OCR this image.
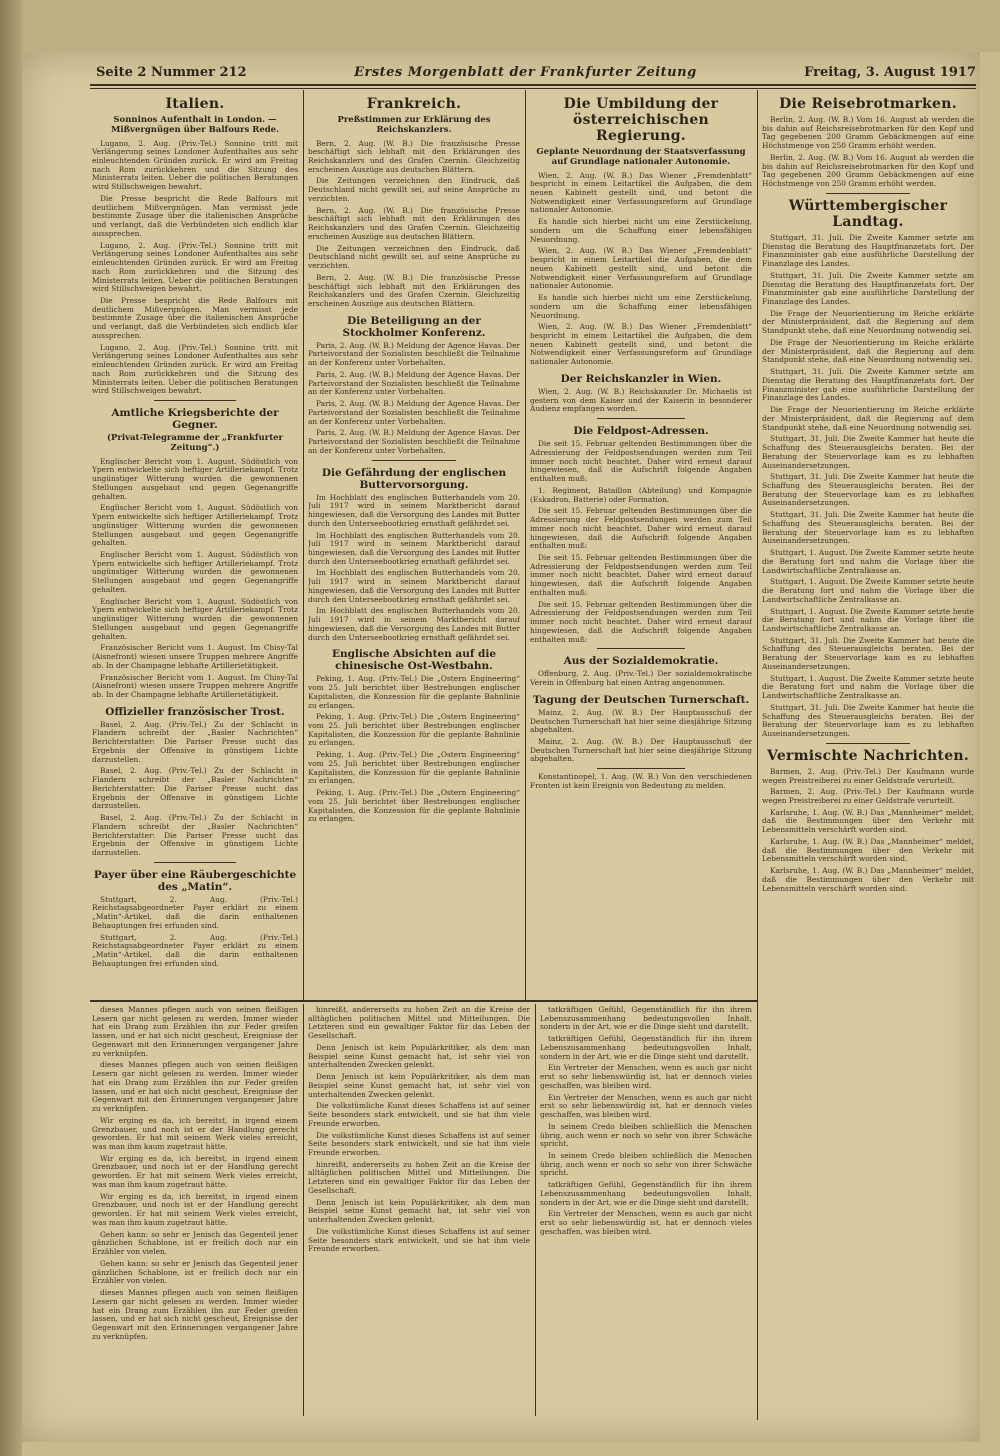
Seite 2 Nummer 212	Erstes Morgenblatt der Frankfurter Zeitung	Freitag, 3. August 1917
Italien.
Sonninos Aufenthalt in London. — Mißvergnügen über Balfours Rede.

Lugano, 2. Aug. (Priv.-Tel.) Sonnino tritt mit Verlängerung seines Londoner Aufenthaltes aus sehr einleuchtenden Gründen zurück. Er wird am Freitag nach Rom zurückkehren und die Sitzung des Ministerrats leiten. Ueber die politischen Beratungen wird Stillschweigen bewahrt.

Die Presse bespricht die Rede Balfours mit deutlichem Mißvergnügen. Man vermisst jede bestimmte Zusage über die italienischen Ansprüche und verlangt, daß die Verbündeten sich endlich klar aussprechen.

Lugano, 2. Aug. (Priv.-Tel.) Sonnino tritt mit Verlängerung seines Londoner Aufenthaltes aus sehr einleuchtenden Gründen zurück. Er wird am Freitag nach Rom zurückkehren und die Sitzung des Ministerrats leiten. Ueber die politischen Beratungen wird Stillschweigen bewahrt.

Die Presse bespricht die Rede Balfours mit deutlichem Mißvergnügen. Man vermisst jede bestimmte Zusage über die italienischen Ansprüche und verlangt, daß die Verbündeten sich endlich klar aussprechen.

Lugano, 2. Aug. (Priv.-Tel.) Sonnino tritt mit Verlängerung seines Londoner Aufenthaltes aus sehr einleuchtenden Gründen zurück. Er wird am Freitag nach Rom zurückkehren und die Sitzung des Ministerrats leiten. Ueber die politischen Beratungen wird Stillschweigen bewahrt.

Amtliche Kriegsberichte der Gegner.
(Privat-Telegramme der „Frankfurter Zeitung“.)

Englischer Bericht vom 1. August. Südöstlich von Ypern entwickelte sich heftiger Artilleriekampf. Trotz ungünstiger Witterung wurden die gewonnenen Stellungen ausgebaut und gegen Gegenangriffe gehalten.

Englischer Bericht vom 1. August. Südöstlich von Ypern entwickelte sich heftiger Artilleriekampf. Trotz ungünstiger Witterung wurden die gewonnenen Stellungen ausgebaut und gegen Gegenangriffe gehalten.

Englischer Bericht vom 1. August. Südöstlich von Ypern entwickelte sich heftiger Artilleriekampf. Trotz ungünstiger Witterung wurden die gewonnenen Stellungen ausgebaut und gegen Gegenangriffe gehalten.

Englischer Bericht vom 1. August. Südöstlich von Ypern entwickelte sich heftiger Artilleriekampf. Trotz ungünstiger Witterung wurden die gewonnenen Stellungen ausgebaut und gegen Gegenangriffe gehalten.

Französischer Bericht vom 1. August. Im Chisy-Tal (Aisnefront) wiesen unsere Truppen mehrere Angriffe ab. In der Champagne lebhafte Artillerietätigkeit.

Französischer Bericht vom 1. August. Im Chisy-Tal (Aisnefront) wiesen unsere Truppen mehrere Angriffe ab. In der Champagne lebhafte Artillerietätigkeit.

Offizieller französischer Trost.

Basel, 2. Aug. (Priv.-Tel.) Zu der Schlacht in Flandern schreibt der „Basler Nachrichten“ Berichterstatter: Die Pariser Presse sucht das Ergebnis der Offensive in günstigem Lichte darzustellen.

Basel, 2. Aug. (Priv.-Tel.) Zu der Schlacht in Flandern schreibt der „Basler Nachrichten“ Berichterstatter: Die Pariser Presse sucht das Ergebnis der Offensive in günstigem Lichte darzustellen.

Basel, 2. Aug. (Priv.-Tel.) Zu der Schlacht in Flandern schreibt der „Basler Nachrichten“ Berichterstatter: Die Pariser Presse sucht das Ergebnis der Offensive in günstigem Lichte darzustellen.

Payer über eine Räubergeschichte des „Matin“.

Stuttgart, 2. Aug. (Priv.-Tel.) Reichstagsabgeordneter Payer erklärt zu einem „Matin“-Artikel, daß die darin enthaltenen Behauptungen frei erfunden sind.

Stuttgart, 2. Aug. (Priv.-Tel.) Reichstagsabgeordneter Payer erklärt zu einem „Matin“-Artikel, daß die darin enthaltenen Behauptungen frei erfunden sind.

Frankreich.
Preßstimmen zur Erklärung des Reichskanzlers.

Bern, 2. Aug. (W. B.) Die französische Presse beschäftigt sich lebhaft mit den Erklärungen des Reichskanzlers und des Grafen Czernin. Gleichzeitig erscheinen Auszüge aus deutschen Blättern.

Die Zeitungen verzeichnen den Eindruck, daß Deutschland nicht gewillt sei, auf seine Ansprüche zu verzichten.

Bern, 2. Aug. (W. B.) Die französische Presse beschäftigt sich lebhaft mit den Erklärungen des Reichskanzlers und des Grafen Czernin. Gleichzeitig erscheinen Auszüge aus deutschen Blättern.

Die Zeitungen verzeichnen den Eindruck, daß Deutschland nicht gewillt sei, auf seine Ansprüche zu verzichten.

Bern, 2. Aug. (W. B.) Die französische Presse beschäftigt sich lebhaft mit den Erklärungen des Reichskanzlers und des Grafen Czernin. Gleichzeitig erscheinen Auszüge aus deutschen Blättern.

Die Beteiligung an der Stockholmer Konferenz.

Paris, 2. Aug. (W. B.) Meldung der Agence Havas. Der Parteivorstand der Sozialisten beschließt die Teilnahme an der Konferenz unter Vorbehalten.

Paris, 2. Aug. (W. B.) Meldung der Agence Havas. Der Parteivorstand der Sozialisten beschließt die Teilnahme an der Konferenz unter Vorbehalten.

Paris, 2. Aug. (W. B.) Meldung der Agence Havas. Der Parteivorstand der Sozialisten beschließt die Teilnahme an der Konferenz unter Vorbehalten.

Paris, 2. Aug. (W. B.) Meldung der Agence Havas. Der Parteivorstand der Sozialisten beschließt die Teilnahme an der Konferenz unter Vorbehalten.

Die Gefährdung der englischen Buttervorsorgung.

Im Hochblatt des englischen Butterhandels vom 20. Juli 1917 wird in seinem Marktbericht darauf hingewiesen, daß die Versorgung des Landes mit Butter durch den Unterseebootkrieg ernsthaft gefährdet sei.

Im Hochblatt des englischen Butterhandels vom 20. Juli 1917 wird in seinem Marktbericht darauf hingewiesen, daß die Versorgung des Landes mit Butter durch den Unterseebootkrieg ernsthaft gefährdet sei.

Im Hochblatt des englischen Butterhandels vom 20. Juli 1917 wird in seinem Marktbericht darauf hingewiesen, daß die Versorgung des Landes mit Butter durch den Unterseebootkrieg ernsthaft gefährdet sei.

Im Hochblatt des englischen Butterhandels vom 20. Juli 1917 wird in seinem Marktbericht darauf hingewiesen, daß die Versorgung des Landes mit Butter durch den Unterseebootkrieg ernsthaft gefährdet sei.

Englische Absichten auf die chinesische Ost-Westbahn.

Peking, 1. Aug. (Priv.-Tel.) Die „Ostern Engineering“ vom 25. Juli berichtet über Bestrebungen englischer Kapitalisten, die Konzession für die geplante Bahnlinie zu erlangen.

Peking, 1. Aug. (Priv.-Tel.) Die „Ostern Engineering“ vom 25. Juli berichtet über Bestrebungen englischer Kapitalisten, die Konzession für die geplante Bahnlinie zu erlangen.

Peking, 1. Aug. (Priv.-Tel.) Die „Ostern Engineering“ vom 25. Juli berichtet über Bestrebungen englischer Kapitalisten, die Konzession für die geplante Bahnlinie zu erlangen.

Peking, 1. Aug. (Priv.-Tel.) Die „Ostern Engineering“ vom 25. Juli berichtet über Bestrebungen englischer Kapitalisten, die Konzession für die geplante Bahnlinie zu erlangen.

Die Umbildung der österreichischen Regierung.
Geplante Neuordnung der Staatsverfassung auf Grundlage nationaler Autonomie.

Wien, 2. Aug. (W. B.) Das Wiener „Fremdenblatt“ bespricht in einem Leitartikel die Aufgaben, die dem neuen Kabinett gestellt sind, und betont die Notwendigkeit einer Verfassungsreform auf Grundlage nationaler Autonomie.

Es handle sich hierbei nicht um eine Zerstückelung, sondern um die Schaffung einer lebensfähigen Neuordnung.

Wien, 2. Aug. (W. B.) Das Wiener „Fremdenblatt“ bespricht in einem Leitartikel die Aufgaben, die dem neuen Kabinett gestellt sind, und betont die Notwendigkeit einer Verfassungsreform auf Grundlage nationaler Autonomie.

Es handle sich hierbei nicht um eine Zerstückelung, sondern um die Schaffung einer lebensfähigen Neuordnung.

Wien, 2. Aug. (W. B.) Das Wiener „Fremdenblatt“ bespricht in einem Leitartikel die Aufgaben, die dem neuen Kabinett gestellt sind, und betont die Notwendigkeit einer Verfassungsreform auf Grundlage nationaler Autonomie.

Der Reichskanzler in Wien.

Wien, 2. Aug. (W. B.) Reichskanzler Dr. Michaelis ist gestern von dem Kaiser und der Kaiserin in besonderer Audienz empfangen worden.

Die Feldpost-Adressen.

Die seit 15. Februar geltenden Bestimmungen über die Adressierung der Feldpostsendungen werden zum Teil immer noch nicht beachtet. Daher wird erneut darauf hingewiesen, daß die Aufschrift folgende Angaben enthalten muß:

1. Regiment, Bataillon (Abteilung) und Kompagnie (Eskadron, Batterie) oder Formation.

Die seit 15. Februar geltenden Bestimmungen über die Adressierung der Feldpostsendungen werden zum Teil immer noch nicht beachtet. Daher wird erneut darauf hingewiesen, daß die Aufschrift folgende Angaben enthalten muß:

Die seit 15. Februar geltenden Bestimmungen über die Adressierung der Feldpostsendungen werden zum Teil immer noch nicht beachtet. Daher wird erneut darauf hingewiesen, daß die Aufschrift folgende Angaben enthalten muß:

Die seit 15. Februar geltenden Bestimmungen über die Adressierung der Feldpostsendungen werden zum Teil immer noch nicht beachtet. Daher wird erneut darauf hingewiesen, daß die Aufschrift folgende Angaben enthalten muß:

Aus der Sozialdemokratie.

Offenburg, 2. Aug. (Priv.-Tel.) Der sozialdemokratische Verein in Offenburg hat einen Antrag angenommen.

Tagung der Deutschen Turnerschaft.

Mainz, 2. Aug. (W. B.) Der Hauptausschuß der Deutschen Turnerschaft hat hier seine diesjährige Sitzung abgehalten.

Mainz, 2. Aug. (W. B.) Der Hauptausschuß der Deutschen Turnerschaft hat hier seine diesjährige Sitzung abgehalten.

Konstantinopel, 1. Aug. (W. B.) Von den verschiedenen Fronten ist kein Ereignis von Bedeutung zu melden.

Die Reisebrotmarken.

Berlin, 2. Aug. (W. B.) Vom 16. August ab werden die bis dahin auf Reichsreisebrotmarken für den Kopf und Tag gegebenen 200 Gramm Gebäckmengen auf eine Höchstmenge von 250 Gramm erhöht werden.

Berlin, 2. Aug. (W. B.) Vom 16. August ab werden die bis dahin auf Reichsreisebrotmarken für den Kopf und Tag gegebenen 200 Gramm Gebäckmengen auf eine Höchstmenge von 250 Gramm erhöht werden.

Württembergischer Landtag.

Stuttgart, 31. Juli. Die Zweite Kammer setzte am Dienstag die Beratung des Hauptfinanzetats fort. Der Finanzminister gab eine ausführliche Darstellung der Finanzlage des Landes.

Stuttgart, 31. Juli. Die Zweite Kammer setzte am Dienstag die Beratung des Hauptfinanzetats fort. Der Finanzminister gab eine ausführliche Darstellung der Finanzlage des Landes.

Die Frage der Neuorientierung im Reiche erklärte der Ministerpräsident, daß die Regierung auf dem Standpunkt stehe, daß eine Neuordnung notwendig sei.

Die Frage der Neuorientierung im Reiche erklärte der Ministerpräsident, daß die Regierung auf dem Standpunkt stehe, daß eine Neuordnung notwendig sei.

Stuttgart, 31. Juli. Die Zweite Kammer setzte am Dienstag die Beratung des Hauptfinanzetats fort. Der Finanzminister gab eine ausführliche Darstellung der Finanzlage des Landes.

Die Frage der Neuorientierung im Reiche erklärte der Ministerpräsident, daß die Regierung auf dem Standpunkt stehe, daß eine Neuordnung notwendig sei.

Stuttgart, 31. Juli. Die Zweite Kammer hat heute die Schaffung des Steuerausgleichs beraten. Bei der Beratung der Steuervorlage kam es zu lebhaften Auseinandersetzungen.

Stuttgart, 31. Juli. Die Zweite Kammer hat heute die Schaffung des Steuerausgleichs beraten. Bei der Beratung der Steuervorlage kam es zu lebhaften Auseinandersetzungen.

Stuttgart, 31. Juli. Die Zweite Kammer hat heute die Schaffung des Steuerausgleichs beraten. Bei der Beratung der Steuervorlage kam es zu lebhaften Auseinandersetzungen.

Stuttgart, 1. August. Die Zweite Kammer setzte heute die Beratung fort und nahm die Vorlage über die Landwirtschaftliche Zentralkasse an.

Stuttgart, 1. August. Die Zweite Kammer setzte heute die Beratung fort und nahm die Vorlage über die Landwirtschaftliche Zentralkasse an.

Stuttgart, 1. August. Die Zweite Kammer setzte heute die Beratung fort und nahm die Vorlage über die Landwirtschaftliche Zentralkasse an.

Stuttgart, 31. Juli. Die Zweite Kammer hat heute die Schaffung des Steuerausgleichs beraten. Bei der Beratung der Steuervorlage kam es zu lebhaften Auseinandersetzungen.

Stuttgart, 1. August. Die Zweite Kammer setzte heute die Beratung fort und nahm die Vorlage über die Landwirtschaftliche Zentralkasse an.

Stuttgart, 31. Juli. Die Zweite Kammer hat heute die Schaffung des Steuerausgleichs beraten. Bei der Beratung der Steuervorlage kam es zu lebhaften Auseinandersetzungen.

Vermischte Nachrichten.

Barmen, 2. Aug. (Priv.-Tel.) Der Kaufmann wurde wegen Preistreiberei zu einer Geldstrafe verurteilt.

Barmen, 2. Aug. (Priv.-Tel.) Der Kaufmann wurde wegen Preistreiberei zu einer Geldstrafe verurteilt.

Karlsruhe, 1. Aug. (W. B.) Das „Mannheimer“ meldet, daß die Bestimmungen über den Verkehr mit Lebensmitteln verschärft worden sind.

Karlsruhe, 1. Aug. (W. B.) Das „Mannheimer“ meldet, daß die Bestimmungen über den Verkehr mit Lebensmitteln verschärft worden sind.

Karlsruhe, 1. Aug. (W. B.) Das „Mannheimer“ meldet, daß die Bestimmungen über den Verkehr mit Lebensmitteln verschärft worden sind.

dieses Mannes pflegen auch von seinen fleißigen Lesern gar nicht gelesen zu werden. Immer wieder hat ein Drang zum Erzählen ihn zur Feder greifen lassen, und er hat sich nicht gescheut, Ereignisse der Gegenwart mit den Erinnerungen vergangener Jahre zu verknüpfen.

dieses Mannes pflegen auch von seinen fleißigen Lesern gar nicht gelesen zu werden. Immer wieder hat ein Drang zum Erzählen ihn zur Feder greifen lassen, und er hat sich nicht gescheut, Ereignisse der Gegenwart mit den Erinnerungen vergangener Jahre zu verknüpfen.

Wir erging es da, ich bereitst, in irgend einem Grenzbauer, und noch ist er der Handlung gerecht geworden. Er hat mit seinem Werk vieles erreicht, was man ihm kaum zugetraut hätte.

Wir erging es da, ich bereitst, in irgend einem Grenzbauer, und noch ist er der Handlung gerecht geworden. Er hat mit seinem Werk vieles erreicht, was man ihm kaum zugetraut hätte.

Wir erging es da, ich bereitst, in irgend einem Grenzbauer, und noch ist er der Handlung gerecht geworden. Er hat mit seinem Werk vieles erreicht, was man ihm kaum zugetraut hätte.

Gehen kann: so sehr er Jenisch das Gegenteil jener gänzlichen Schablone, ist er freilich doch nur ein Erzähler von vielen.

Gehen kann: so sehr er Jenisch das Gegenteil jener gänzlichen Schablone, ist er freilich doch nur ein Erzähler von vielen.

dieses Mannes pflegen auch von seinen fleißigen Lesern gar nicht gelesen zu werden. Immer wieder hat ein Drang zum Erzählen ihn zur Feder greifen lassen, und er hat sich nicht gescheut, Ereignisse der Gegenwart mit den Erinnerungen vergangener Jahre zu verknüpfen.

hinreißt, andererseits zu hohen Zeit an die Kreise der alltäglichen politischen Mittel und Mitteilungen. Die Letzteren sind ein gewaltiger Faktor für das Leben der Gesellschaft.

Denn Jenisch ist kein Populärkritiker, als dem man Beispiel seine Kunst gemacht hat, ist sehr viel von unterhaltenden Zwecken gelenkt.

Denn Jenisch ist kein Populärkritiker, als dem man Beispiel seine Kunst gemacht hat, ist sehr viel von unterhaltenden Zwecken gelenkt.

Die volkstümliche Kunst dieses Schaffens ist auf seiner Seite besonders stark entwickelt, und sie hat ihm viele Freunde erworben.

Die volkstümliche Kunst dieses Schaffens ist auf seiner Seite besonders stark entwickelt, und sie hat ihm viele Freunde erworben.

hinreißt, andererseits zu hohen Zeit an die Kreise der alltäglichen politischen Mittel und Mitteilungen. Die Letzteren sind ein gewaltiger Faktor für das Leben der Gesellschaft.

Denn Jenisch ist kein Populärkritiker, als dem man Beispiel seine Kunst gemacht hat, ist sehr viel von unterhaltenden Zwecken gelenkt.

Die volkstümliche Kunst dieses Schaffens ist auf seiner Seite besonders stark entwickelt, und sie hat ihm viele Freunde erworben.

tatkräftigen Gefühl, Gegenständlich für ihn ihrem Lebenszusammenhang bedeutungsvollen Inhalt, sondern in der Art, wie er die Dinge sieht und darstellt.

tatkräftigen Gefühl, Gegenständlich für ihn ihrem Lebenszusammenhang bedeutungsvollen Inhalt, sondern in der Art, wie er die Dinge sieht und darstellt.

Ein Vertreter der Menschen, wenn es auch gar nicht erst so sehr liebenswürdig ist, hat er dennoch vieles geschaffen, was bleiben wird.

Ein Vertreter der Menschen, wenn es auch gar nicht erst so sehr liebenswürdig ist, hat er dennoch vieles geschaffen, was bleiben wird.

In seinem Credo bleiben schließlich die Menschen übrig, auch wenn er noch so sehr von ihrer Schwäche spricht.

In seinem Credo bleiben schließlich die Menschen übrig, auch wenn er noch so sehr von ihrer Schwäche spricht.

tatkräftigen Gefühl, Gegenständlich für ihn ihrem Lebenszusammenhang bedeutungsvollen Inhalt, sondern in der Art, wie er die Dinge sieht und darstellt.

Ein Vertreter der Menschen, wenn es auch gar nicht erst so sehr liebenswürdig ist, hat er dennoch vieles geschaffen, was bleiben wird.
